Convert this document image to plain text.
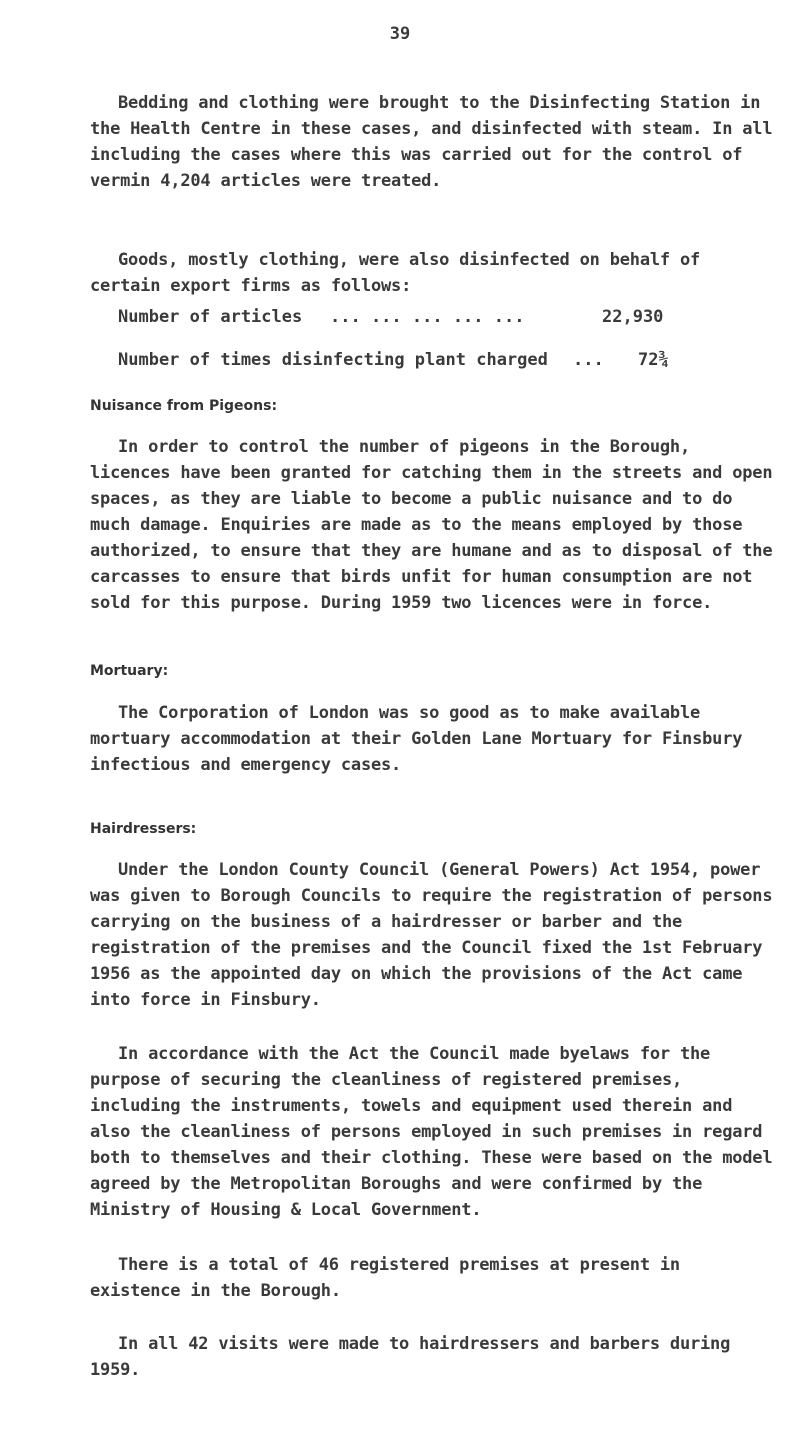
39

Bedding and clothing were brought to the Disinfecting Station in the Health Centre in these cases, and disinfected with steam. In all including the cases where this was carried out for the control of vermin 4,204 articles were treated.

Goods, mostly clothing, were also disinfected on behalf of certain export firms as follows:

Number of articles ... ... ... ... ...	22,930
Number of times disinfecting plant charged ... 72¾
Nuisance from Pigeons:

In order to control the number of pigeons in the Borough, licences have been granted for catching them in the streets and open spaces, as they are liable to become a public nuisance and to do much damage. Enquiries are made as to the means employed by those authorized, to ensure that they are humane and as to disposal of the carcasses to ensure that birds unfit for human consumption are not sold for this purpose. During 1959 two licences were in force.

Mortuary:

The Corporation of London was so good as to make available mortuary accommodation at their Golden Lane Mortuary for Finsbury infectious and emergency cases.

Hairdressers:

Under the London County Council (General Powers) Act 1954, power was given to Borough Councils to require the registration of persons carrying on the business of a hairdresser or barber and the registration of the premises and the Council fixed the 1st February 1956 as the appointed day on which the provisions of the Act came into force in Finsbury.

In accordance with the Act the Council made byelaws for the purpose of securing the cleanliness of registered premises, including the instruments, towels and equipment used therein and also the cleanliness of persons employed in such premises in regard both to themselves and their clothing. These were based on the model agreed by the Metropolitan Boroughs and were confirmed by the Ministry of Housing & Local Government.

There is a total of 46 registered premises at present in existence in the Borough.

In all 42 visits were made to hairdressers and barbers during 1959.
